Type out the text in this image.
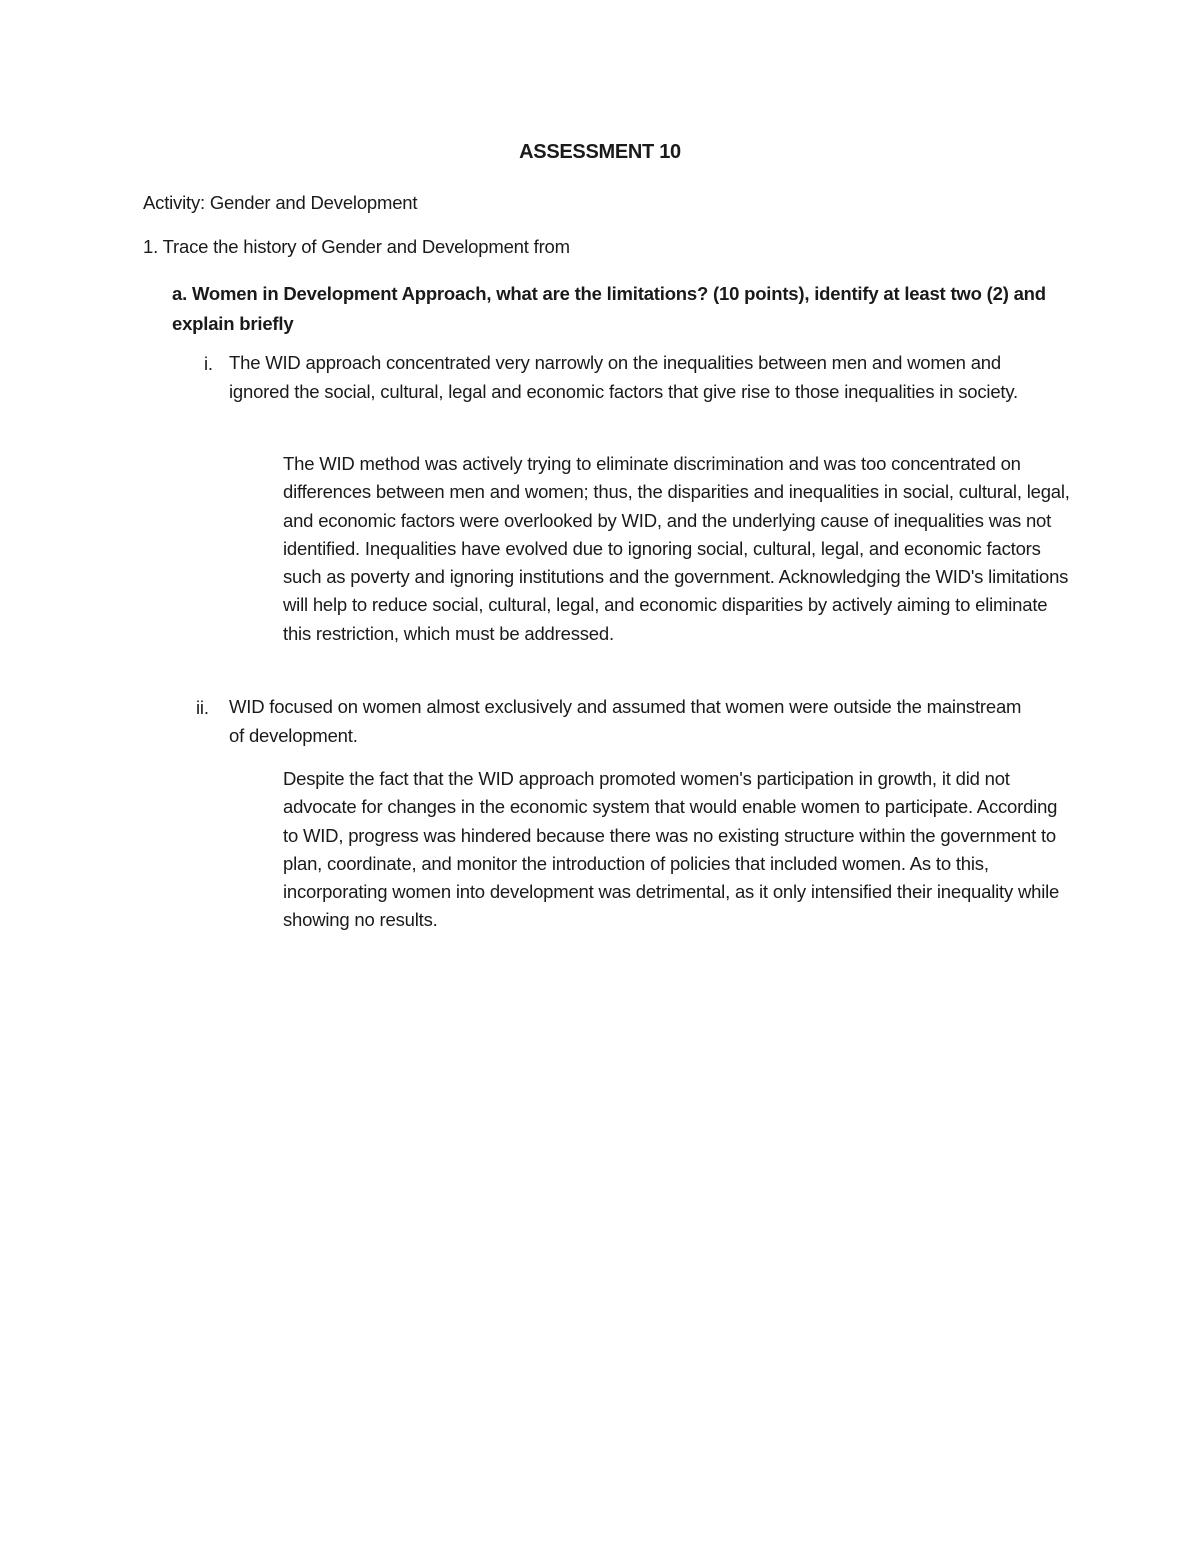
ASSESSMENT 10
Activity: Gender and Development
1. Trace the history of Gender and Development from
a. Women in Development Approach, what are the limitations? (10 points), identify at least two (2) and explain briefly
i. The WID approach concentrated very narrowly on the inequalities between men and women and ignored the social, cultural, legal and economic factors that give rise to those inequalities in society.
The WID method was actively trying to eliminate discrimination and was too concentrated on differences between men and women; thus, the disparities and inequalities in social, cultural, legal, and economic factors were overlooked by WID, and the underlying cause of inequalities was not identified. Inequalities have evolved due to ignoring social, cultural, legal, and economic factors such as poverty and ignoring institutions and the government. Acknowledging the WID's limitations will help to reduce social, cultural, legal, and economic disparities by actively aiming to eliminate this restriction, which must be addressed.
ii. WID focused on women almost exclusively and assumed that women were outside the mainstream of development.
Despite the fact that the WID approach promoted women's participation in growth, it did not advocate for changes in the economic system that would enable women to participate. According to WID, progress was hindered because there was no existing structure within the government to plan, coordinate, and monitor the introduction of policies that included women. As to this, incorporating women into development was detrimental, as it only intensified their inequality while showing no results.
